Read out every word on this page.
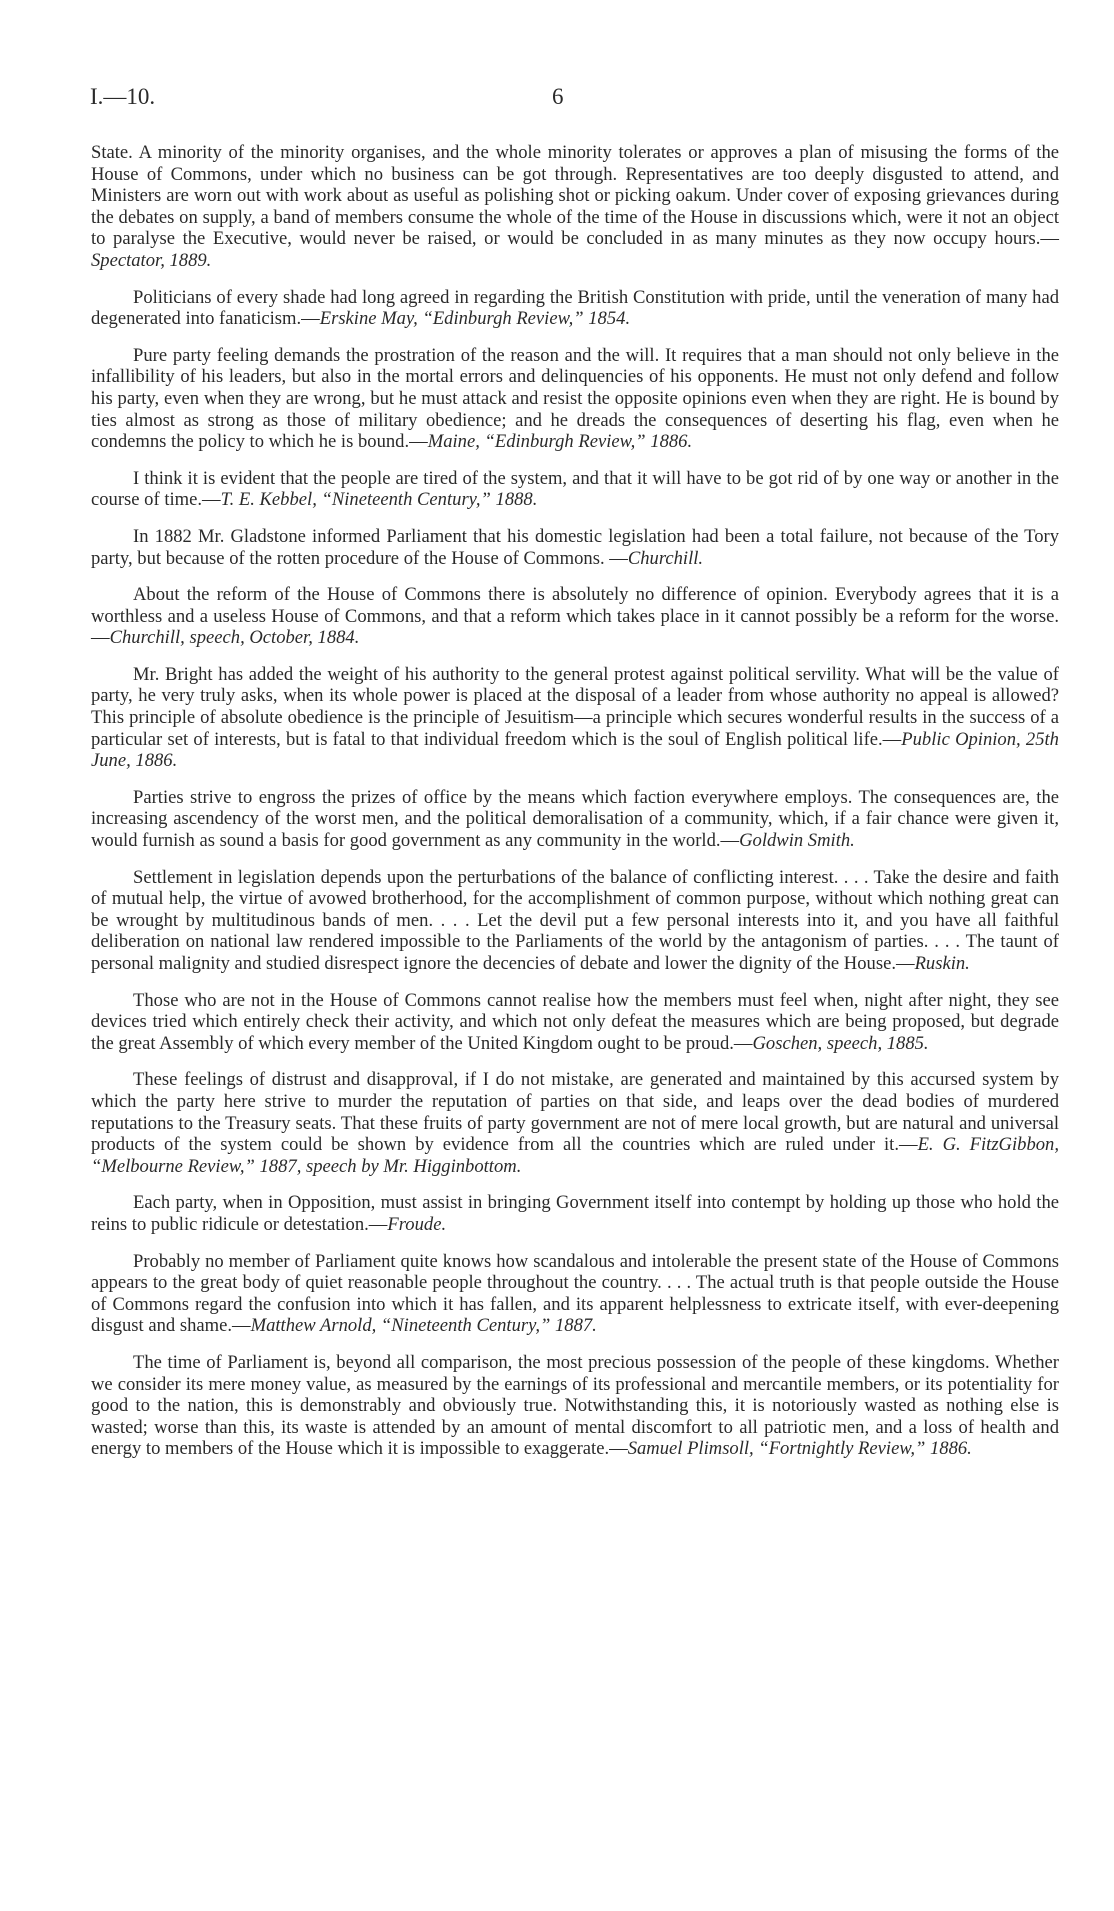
I.—10.	6

State. A minority of the minority organises, and the whole minority tolerates or approves a plan of misusing the forms of the House of Commons, under which no business can be got through. Representatives are too deeply disgusted to attend, and Ministers are worn out with work about as useful as polishing shot or picking oakum. Under cover of exposing grievances during the debates on supply, a band of members consume the whole of the time of the House in discussions which, were it not an object to paralyse the Executive, would never be raised, or would be concluded in as many minutes as they now occupy hours.—Spectator, 1889.

Politicians of every shade had long agreed in regarding the British Constitution with pride, until the veneration of many had degenerated into fanaticism.—Erskine May, “Edinburgh Review,” 1854.

Pure party feeling demands the prostration of the reason and the will. It requires that a man should not only believe in the infallibility of his leaders, but also in the mortal errors and delinquencies of his opponents. He must not only defend and follow his party, even when they are wrong, but he must attack and resist the opposite opinions even when they are right. He is bound by ties almost as strong as those of military obedience; and he dreads the consequences of deserting his flag, even when he condemns the policy to which he is bound.—Maine, “Edinburgh Review,” 1886.

I think it is evident that the people are tired of the system, and that it will have to be got rid of by one way or another in the course of time.—T. E. Kebbel, “Nineteenth Century,” 1888.

In 1882 Mr. Gladstone informed Parliament that his domestic legislation had been a total failure, not because of the Tory party, but because of the rotten procedure of the House of Commons. —Churchill.

About the reform of the House of Commons there is absolutely no difference of opinion. Everybody agrees that it is a worthless and a useless House of Commons, and that a reform which takes place in it cannot possibly be a reform for the worse.—Churchill, speech, October, 1884.

Mr. Bright has added the weight of his authority to the general protest against political servility. What will be the value of party, he very truly asks, when its whole power is placed at the disposal of a leader from whose authority no appeal is allowed? This principle of absolute obedience is the principle of Jesuitism—a principle which secures wonderful results in the success of a particular set of interests, but is fatal to that individual freedom which is the soul of English political life.—Public Opinion, 25th June, 1886.

Parties strive to engross the prizes of office by the means which faction everywhere employs. The consequences are, the increasing ascendency of the worst men, and the political demoralisation of a community, which, if a fair chance were given it, would furnish as sound a basis for good government as any community in the world.—Goldwin Smith.

Settlement in legislation depends upon the perturbations of the balance of conflicting interest. . . . Take the desire and faith of mutual help, the virtue of avowed brotherhood, for the accomplishment of common purpose, without which nothing great can be wrought by multitudinous bands of men. . . . Let the devil put a few personal interests into it, and you have all faithful deliberation on national law rendered impossible to the Parliaments of the world by the antagonism of parties. . . . The taunt of personal malignity and studied disrespect ignore the decencies of debate and lower the dignity of the House.—Ruskin.

Those who are not in the House of Commons cannot realise how the members must feel when, night after night, they see devices tried which entirely check their activity, and which not only defeat the measures which are being proposed, but degrade the great Assembly of which every member of the United Kingdom ought to be proud.—Goschen, speech, 1885.

These feelings of distrust and disapproval, if I do not mistake, are generated and maintained by this accursed system by which the party here strive to murder the reputation of parties on that side, and leaps over the dead bodies of murdered reputations to the Treasury seats. That these fruits of party government are not of mere local growth, but are natural and universal products of the system could be shown by evidence from all the countries which are ruled under it.—E. G. FitzGibbon, “Melbourne Review,” 1887, speech by Mr. Higginbottom.

Each party, when in Opposition, must assist in bringing Government itself into contempt by holding up those who hold the reins to public ridicule or detestation.—Froude.

Probably no member of Parliament quite knows how scandalous and intolerable the present state of the House of Commons appears to the great body of quiet reasonable people throughout the country. . . . The actual truth is that people outside the House of Commons regard the confusion into which it has fallen, and its apparent helplessness to extricate itself, with ever-deepening disgust and shame.—Matthew Arnold, “Nineteenth Century,” 1887.

The time of Parliament is, beyond all comparison, the most precious possession of the people of these kingdoms. Whether we consider its mere money value, as measured by the earnings of its professional and mercantile members, or its potentiality for good to the nation, this is demonstrably and obviously true. Notwithstanding this, it is notoriously wasted as nothing else is wasted; worse than this, its waste is attended by an amount of mental discomfort to all patriotic men, and a loss of health and energy to members of the House which it is impossible to exaggerate.—Samuel Plimsoll, “Fortnightly Review,” 1886.
